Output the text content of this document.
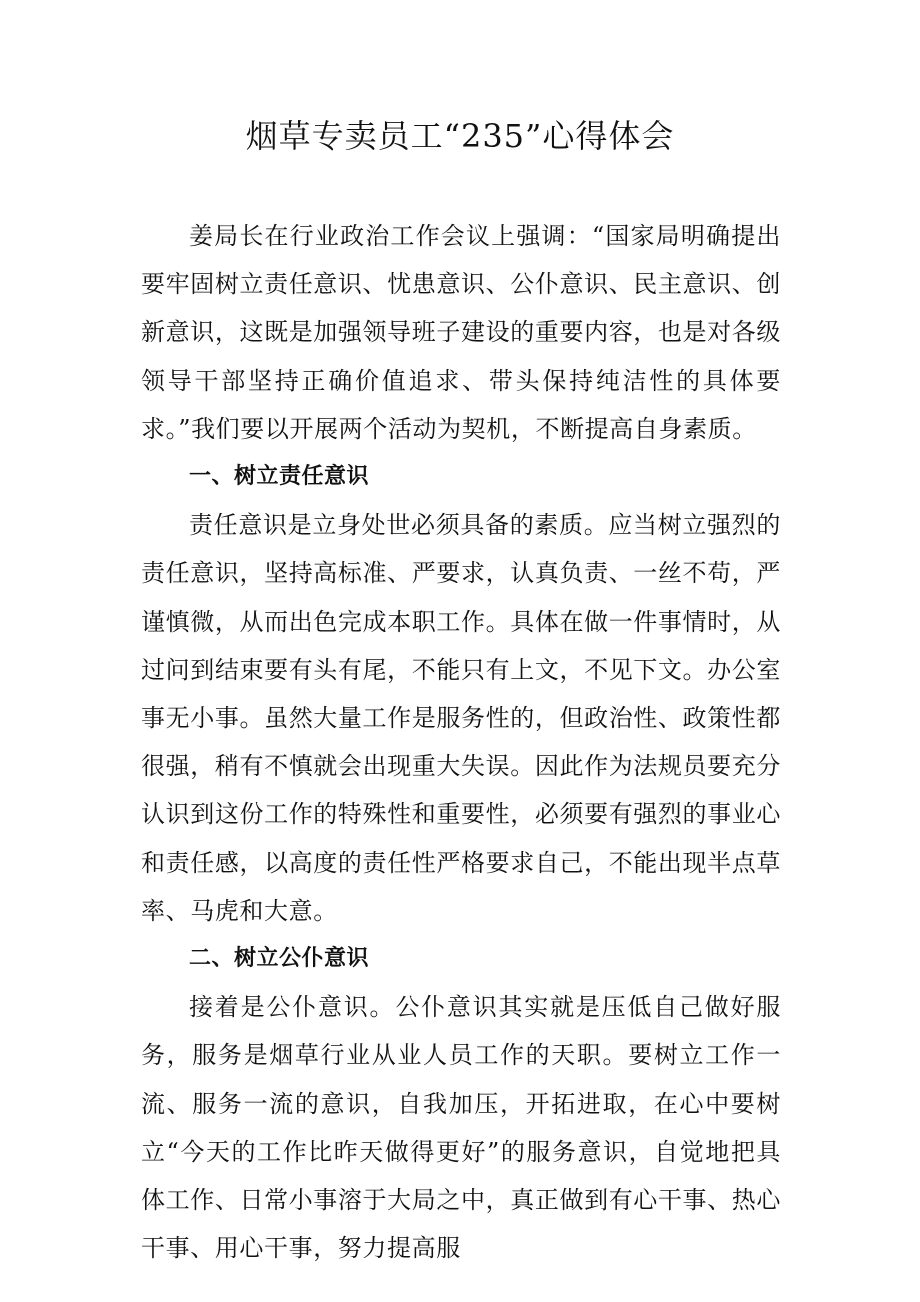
烟草专卖员工“235”心得体会

姜局长在行业政治工作会议上强调：“国家局明确提出要牢固树立责任意识、忧患意识、公仆意识、民主意识、创新意识，这既是加强领导班子建设的重要内容，也是对各级领导干部坚持正确价值追求、带头保持纯洁性的具体要求。”我们要以开展两个活动为契机，不断提高自身素质。

一、树立责任意识

责任意识是立身处世必须具备的素质。应当树立强烈的责任意识，坚持高标准、严要求，认真负责、一丝不苟，严谨慎微，从而出色完成本职工作。具体在做一件事情时，从过问到结束要有头有尾，不能只有上文，不见下文。办公室事无小事。虽然大量工作是服务性的，但政治性、政策性都很强，稍有不慎就会出现重大失误。因此作为法规员要充分认识到这份工作的特殊性和重要性，必须要有强烈的事业心和责任感，以高度的责任性严格要求自己，不能出现半点草率、马虎和大意。

二、树立公仆意识

接着是公仆意识。公仆意识其实就是压低自己做好服务，服务是烟草行业从业人员工作的天职。要树立工作一流、服务一流的意识，自我加压，开拓进取，在心中要树立“今天的工作比昨天做得更好”的服务意识，自觉地把具体工作、日常小事溶于大局之中，真正做到有心干事、热心干事、用心干事，努力提高服
